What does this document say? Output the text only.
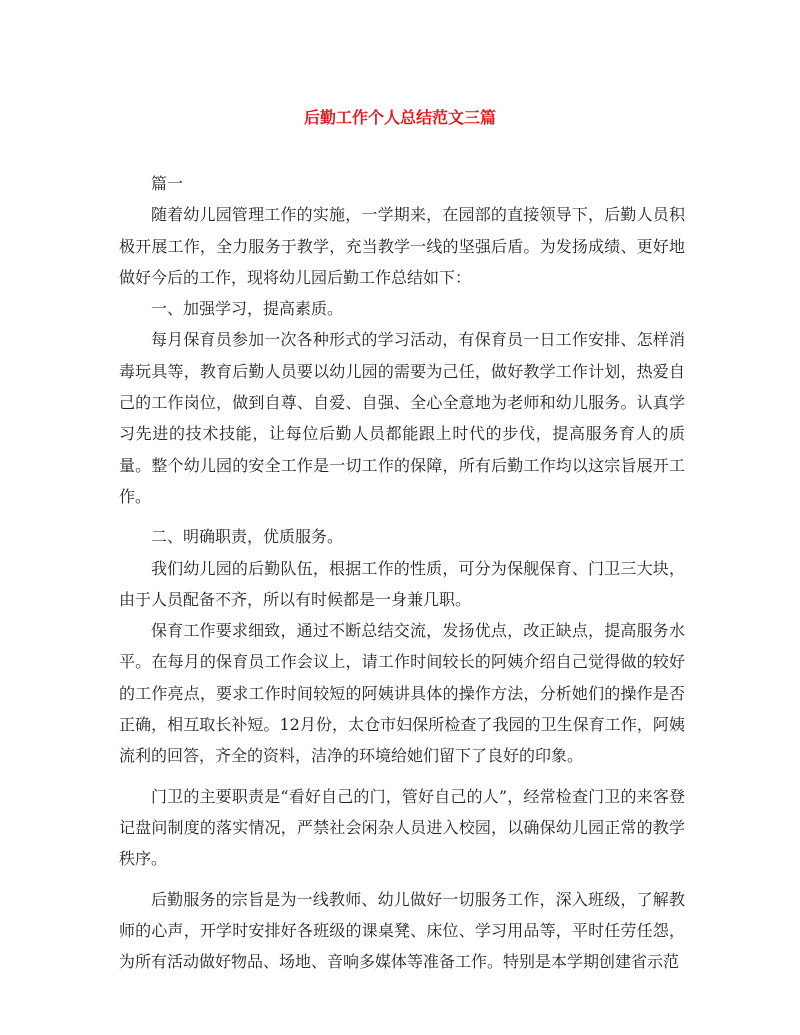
后勤工作个人总结范文三篇

篇一

随着幼儿园管理工作的实施，一学期来，在园部的直接领导下，后勤人员积极开展工作，全力服务于教学，充当教学一线的坚强后盾。为发扬成绩、更好地做好今后的工作，现将幼儿园后勤工作总结如下：

一、加强学习，提高素质。

每月保育员参加一次各种形式的学习活动，有保育员一日工作安排、怎样消毒玩具等，教育后勤人员要以幼儿园的需要为己任，做好教学工作计划，热爱自己的工作岗位，做到自尊、自爱、自强、全心全意地为老师和幼儿服务。认真学习先进的技术技能，让每位后勤人员都能跟上时代的步伐，提高服务育人的质量。整个幼儿园的安全工作是一切工作的保障，所有后勤工作均以这宗旨展开工作。

二、明确职责，优质服务。

我们幼儿园的后勤队伍，根据工作的性质，可分为保舰保育、门卫三大块，由于人员配备不齐，所以有时候都是一身兼几职。

保育工作要求细致，通过不断总结交流，发扬优点，改正缺点，提高服务水平。在每月的保育员工作会议上，请工作时间较长的阿姨介绍自己觉得做的较好的工作亮点，要求工作时间较短的阿姨讲具体的操作方法，分析她们的操作是否正确，相互取长补短。12月份，太仓市妇保所检查了我园的卫生保育工作，阿姨流利的回答，齐全的资料，洁净的环境给她们留下了良好的印象。

门卫的主要职责是“看好自己的门，管好自己的人”，经常检查门卫的来客登记盘问制度的落实情况，严禁社会闲杂人员进入校园，以确保幼儿园正常的教学秩序。

后勤服务的宗旨是为一线教师、幼儿做好一切服务工作，深入班级，了解教师的心声，开学时安排好各班级的课桌凳、床位、学习用品等，平时任劳任怨，为所有活动做好物品、场地、音响多媒体等准备工作。特别是本学期创建省示范
